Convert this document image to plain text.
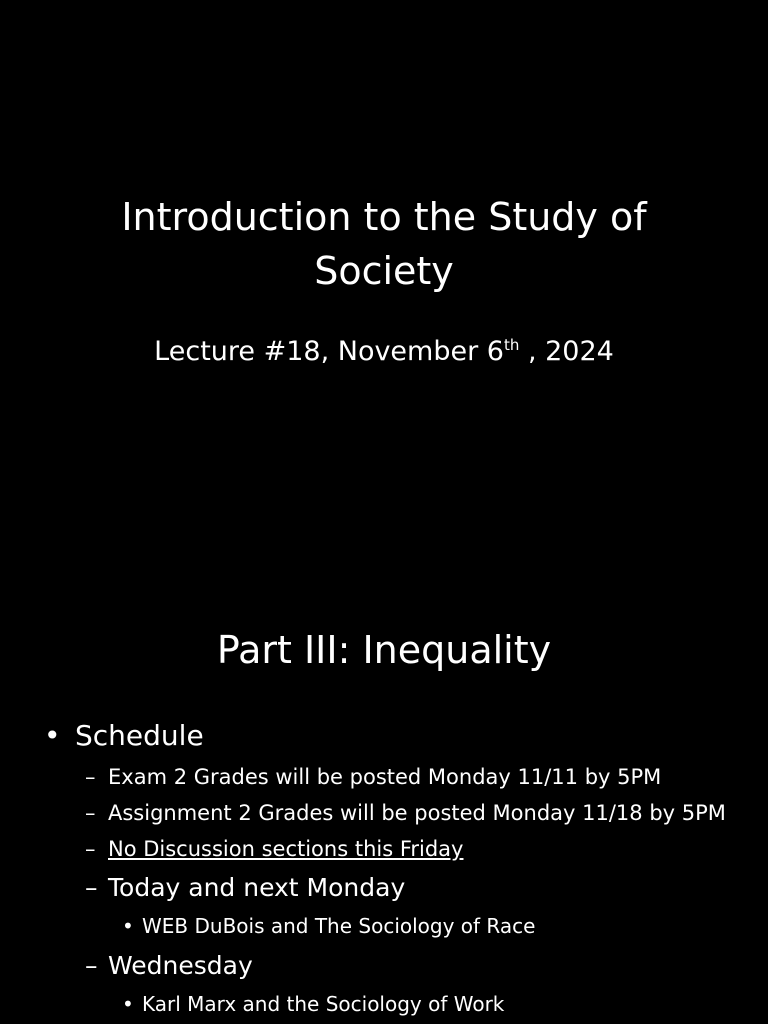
Introduction to the Study of
Society

Lecture #18, November 6th , 2024

Part III: Inequality
• Schedule
– Exam 2 Grades will be posted Monday 11/11 by 5PM
– Assignment 2 Grades will be posted Monday 11/18 by 5PM
– No Discussion sections this Friday
– Today and next Monday
• WEB DuBois and The Sociology of Race
– Wednesday
• Karl Marx and the Sociology of Work
